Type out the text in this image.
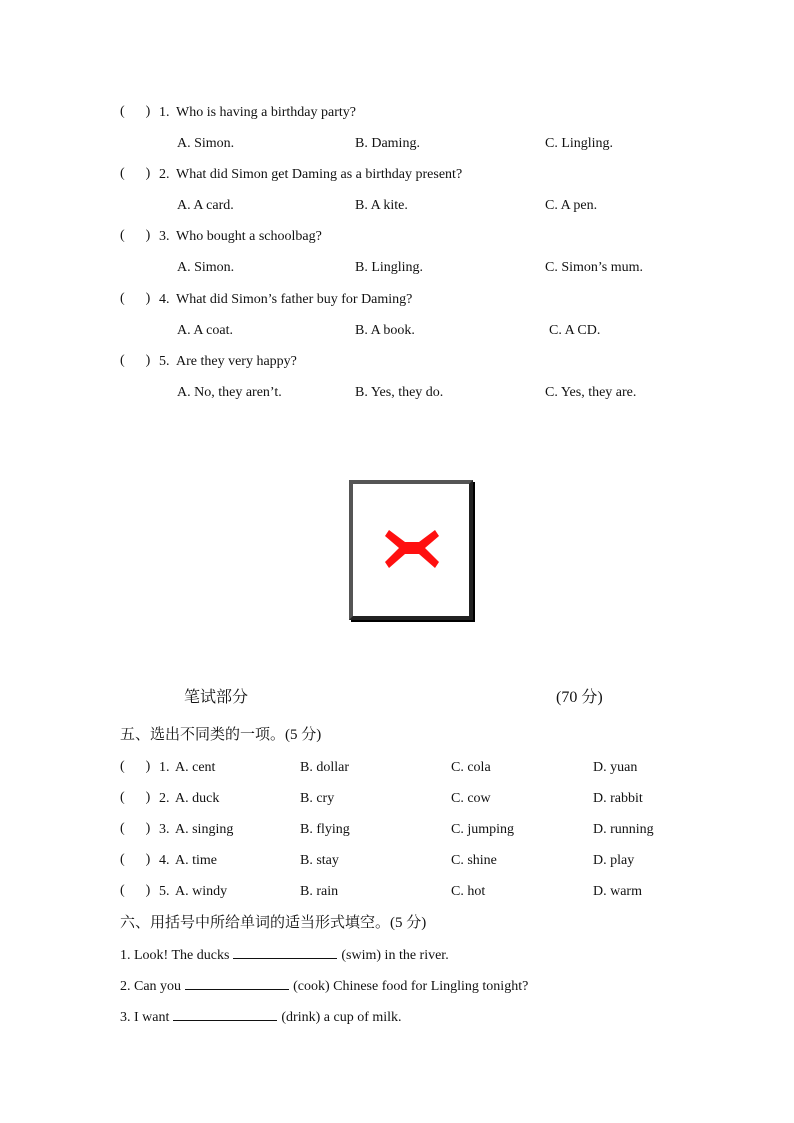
(      ) 1. Who is having a birthday party?
A. Simon.	B. Daming.	C. Lingling.
(      ) 2. What did Simon get Daming as a birthday present?
A. A card.	B. A kite.	C. A pen.
(      ) 3. Who bought a schoolbag?
A. Simon.	B. Lingling.	C. Simon’s mum.
(      ) 4. What did Simon’s father buy for Daming?
A. A coat.	B. A book.	C. A CD.
(      ) 5. Are they very happy?
A. No, they aren’t.	B. Yes, they do.	C. Yes, they are.
笔试部分	(70 分)
五、选出不同类的一项。(5 分)
(      ) 1. A. cent	B. dollar	C. cola	D. yuan
(      ) 2. A. duck	B. cry	C. cow	D. rabbit
(      ) 3. A. singing	B. flying	C. jumping	D. running
(      ) 4. A. time	B. stay	C. shine	D. play
(      ) 5. A. windy	B. rain	C. hot	D. warm
六、用括号中所给单词的适当形式填空。(5 分)
1. Look! The ducks	(swim) in the river.
2. Can you	(cook) Chinese food for Lingling tonight?
3. I want	(drink) a cup of milk.
